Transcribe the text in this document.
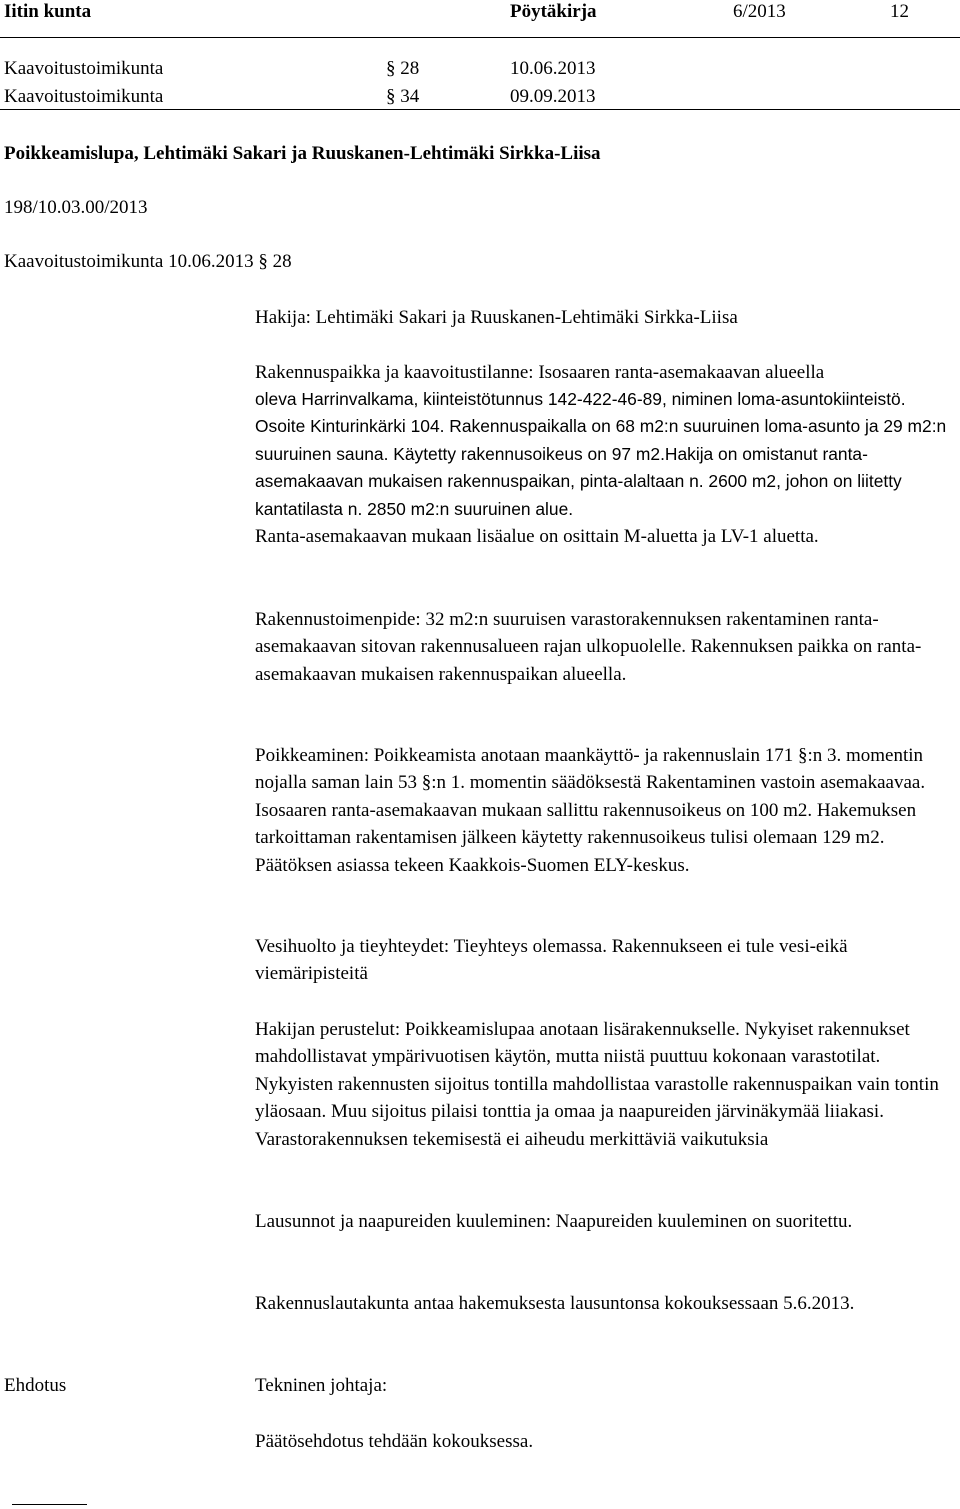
Iitin kunta	Pöytäkirja	6/2013	12
Kaavoitustoimikunta	§ 28	10.06.2013
Kaavoitustoimikunta	§ 34	09.09.2013
Poikkeamislupa, Lehtimäki Sakari ja Ruuskanen-Lehtimäki Sirkka-Liisa
198/10.03.00/2013
Kaavoitustoimikunta 10.06.2013 § 28
Hakija: Lehtimäki Sakari ja Ruuskanen-Lehtimäki Sirkka-Liisa
Rakennuspaikka ja kaavoitustilanne: Isosaaren ranta-asemakaavan alueella
oleva Harrinvalkama, kiinteistötunnus 142-422-46-89, niminen loma-asuntokiinteistö. Osoite Kinturinkärki 104. Rakennuspaikalla on 68 m2:n suuruinen loma-asunto ja 29 m2:n suuruinen sauna. Käytetty rakennusoikeus on 97 m2.Hakija on omistanut ranta-asemakaavan mukaisen rakennuspaikan, pinta-alaltaan n. 2600 m2, johon on liitetty kantatilasta n. 2850 m2:n suuruinen alue.
Ranta-asemakaavan mukaan lisäalue on osittain M-aluetta ja LV-1 aluetta.
Rakennustoimenpide: 32 m2:n suuruisen varastorakennuksen rakentaminen ranta-asemakaavan sitovan rakennusalueen rajan ulkopuolelle. Rakennuksen paikka on ranta-asemakaavan mukaisen rakennuspaikan alueella.
Poikkeaminen: Poikkeamista anotaan maankäyttö- ja rakennuslain 171 §:n 3. momentin nojalla saman lain 53 §:n 1. momentin säädöksestä Rakentaminen vastoin asemakaavaa. Isosaaren ranta-asemakaavan mukaan sallittu rakennusoikeus on 100 m2. Hakemuksen tarkoittaman rakentamisen jälkeen käytetty rakennusoikeus tulisi olemaan 129 m2. Päätöksen asiassa tekeen Kaakkois-Suomen ELY-keskus.
Vesihuolto ja tieyhteydet: Tieyhteys olemassa. Rakennukseen ei tule vesi-eikä viemäripisteitä
Hakijan perustelut: Poikkeamislupaa anotaan lisärakennukselle. Nykyiset rakennukset mahdollistavat ympärivuotisen käytön, mutta niistä puuttuu kokonaan varastotilat. Nykyisten rakennusten sijoitus tontilla mahdollistaa varastolle rakennuspaikan vain tontin yläosaan. Muu sijoitus pilaisi tonttia ja omaa ja naapureiden järvinäkymää liiakasi. Varastorakennuksen tekemisestä ei aiheudu merkittäviä vaikutuksia
Lausunnot ja naapureiden kuuleminen: Naapureiden kuuleminen on suoritettu.
Rakennuslautakunta antaa hakemuksesta lausuntonsa kokouksessaan 5.6.2013.
Ehdotus	Tekninen johtaja:
Päätösehdotus tehdään kokouksessa.
